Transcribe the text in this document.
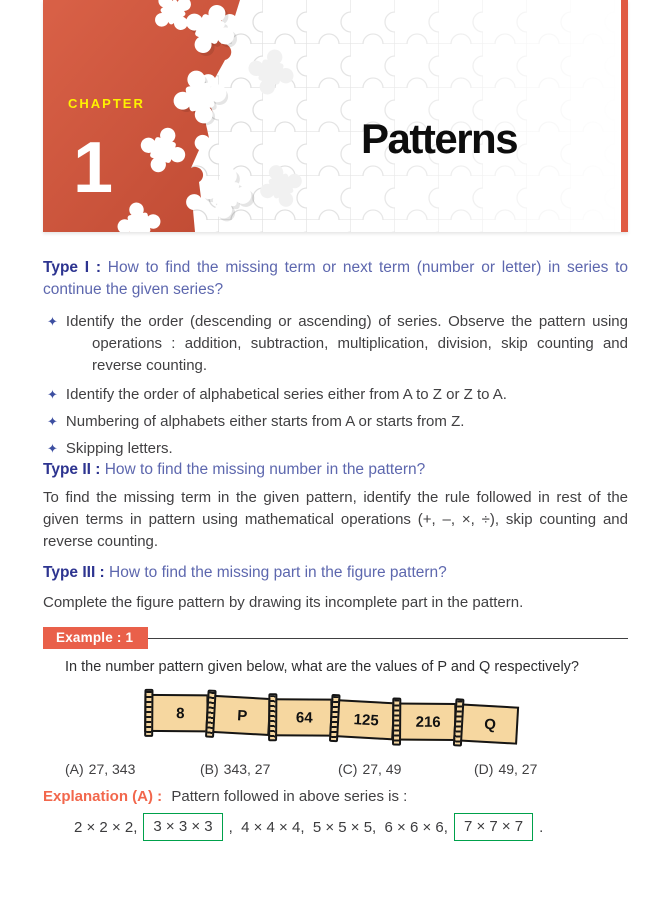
CHAPTER
1	Patterns
Type I : How to find the missing term or next term (number or letter) in series to continue the given series?
✦ Identify the order (descending or ascending) of series. Observe the pattern using operations : addition, subtraction, multiplication, division, skip counting and reverse counting.
✦ Identify the order of alphabetical series either from A to Z or Z to A.
✦ Numbering of alphabets either starts from A or starts from Z.
✦ Skipping letters.
Type II : How to find the missing number in the pattern?
To find the missing term in the given pattern, identify the rule followed in rest of the given terms in pattern using mathematical operations (+, –, ×, ÷), skip counting and reverse counting.
Type III : How to find the missing part in the figure pattern?
Complete the figure pattern by drawing its incomplete part in the pattern.
Example : 1
In the number pattern given below, what are the values of P and Q respectively?
8	P	64	125 216	Q
(A) 27, 343	(B) 343, 27	(C) 27, 49	(D) 49, 27
Explanation (A) : Pattern followed in above series is :
2 × 2 × 2,	3 × 3 × 3	,  4 × 4 × 4,  5 × 5 × 5,  6 × 6 × 6,	7 × 7 × 7	.
